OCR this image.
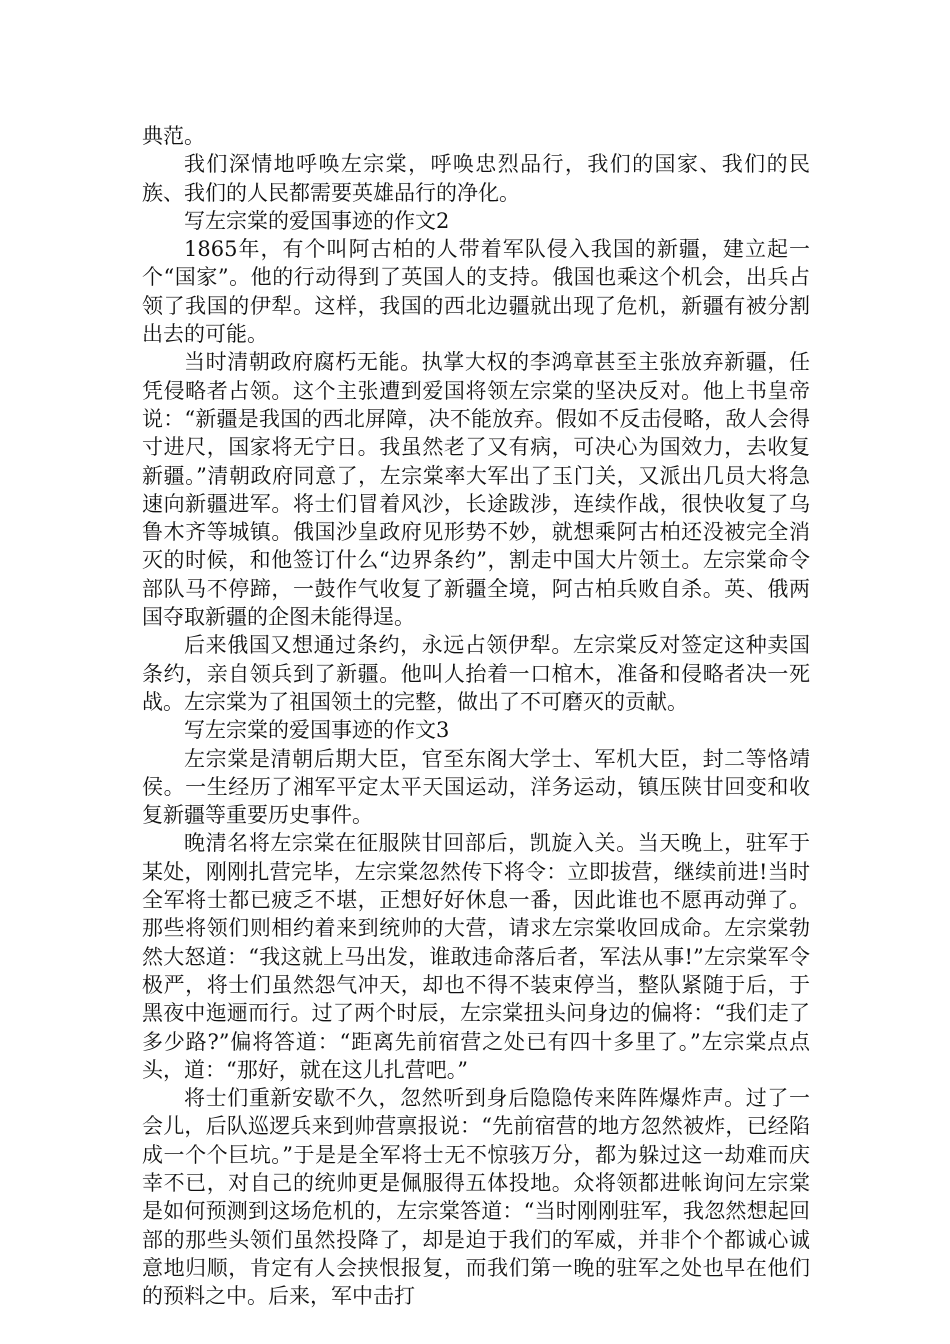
典范。

我们深情地呼唤左宗棠，呼唤忠烈品行，我们的国家、我们的民族、我们的人民都需要英雄品行的净化。

写左宗棠的爱国事迹的作文2

1865年，有个叫阿古柏的人带着军队侵入我国的新疆，建立起一个“国家”。他的行动得到了英国人的支持。俄国也乘这个机会，出兵占领了我国的伊犁。这样，我国的西北边疆就出现了危机，新疆有被分割出去的可能。

当时清朝政府腐朽无能。执掌大权的李鸿章甚至主张放弃新疆，任凭侵略者占领。这个主张遭到爱国将领左宗棠的坚决反对。他上书皇帝说：“新疆是我国的西北屏障，决不能放弃。假如不反击侵略，敌人会得寸进尺，国家将无宁日。我虽然老了又有病，可决心为国效力，去收复新疆。”清朝政府同意了，左宗棠率大军出了玉门关，又派出几员大将急速向新疆进军。将士们冒着风沙，长途跋涉，连续作战，很快收复了乌鲁木齐等城镇。俄国沙皇政府见形势不妙，就想乘阿古柏还没被完全消灭的时候，和他签订什么“边界条约”，割走中国大片领土。左宗棠命令部队马不停蹄，一鼓作气收复了新疆全境，阿古柏兵败自杀。英、俄两国夺取新疆的企图未能得逞。

后来俄国又想通过条约，永远占领伊犁。左宗棠反对签定这种卖国条约，亲自领兵到了新疆。他叫人抬着一口棺木，准备和侵略者决一死战。左宗棠为了祖国领土的完整，做出了不可磨灭的贡献。

写左宗棠的爱国事迹的作文3

左宗棠是清朝后期大臣，官至东阁大学士、军机大臣，封二等恪靖侯。一生经历了湘军平定太平天国运动，洋务运动，镇压陕甘回变和收复新疆等重要历史事件。

晚清名将左宗棠在征服陕甘回部后，凯旋入关。当天晚上，驻军于某处，刚刚扎营完毕，左宗棠忽然传下将令：立即拔营，继续前进!当时全军将士都已疲乏不堪，正想好好休息一番，因此谁也不愿再动弹了。那些将领们则相约着来到统帅的大营，请求左宗棠收回成命。左宗棠勃然大怒道：“我这就上马出发，谁敢违命落后者，军法从事!”左宗棠军令极严，将士们虽然怨气冲天，却也不得不装束停当，整队紧随于后，于黑夜中迤逦而行。过了两个时辰，左宗棠扭头问身边的偏将：“我们走了多少路?”偏将答道：“距离先前宿营之处已有四十多里了。”左宗棠点点头，道：“那好，就在这儿扎营吧。”

将士们重新安歇不久，忽然听到身后隐隐传来阵阵爆炸声。过了一会儿，后队巡逻兵来到帅营禀报说：“先前宿营的地方忽然被炸，已经陷成一个个巨坑。”于是是全军将士无不惊骇万分，都为躲过这一劫难而庆幸不已，对自己的统帅更是佩服得五体投地。众将领都进帐询问左宗棠是如何预测到这场危机的，左宗棠答道：“当时刚刚驻军，我忽然想起回部的那些头领们虽然投降了，却是迫于我们的军威，并非个个都诚心诚意地归顺，肯定有人会挟恨报复，而我们第一晚的驻军之处也早在他们的预料之中。后来，军中击打
